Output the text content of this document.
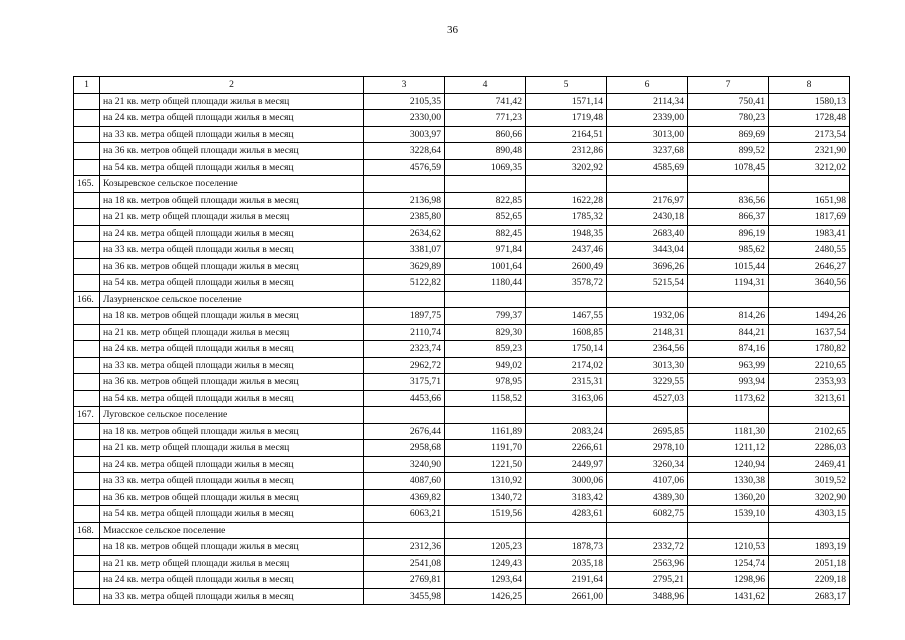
36
1	2	3	4	5	6	7	8
	на 21 кв. метр общей площади жилья в месяц	2105,35	741,42	1571,14	2114,34	750,41	1580,13
	на 24 кв. метра общей площади жилья в месяц	2330,00	771,23	1719,48	2339,00	780,23	1728,48
	на 33 кв. метра общей площади жилья в месяц	3003,97	860,66	2164,51	3013,00	869,69	2173,54
	на 36 кв. метров общей площади жилья в месяц	3228,64	890,48	2312,86	3237,68	899,52	2321,90
	на 54 кв. метра общей площади жилья в месяц	4576,59	1069,35	3202,92	4585,69	1078,45	3212,02
165.	Козыревское сельское поселение						
	на 18 кв. метров общей площади жилья в месяц	2136,98	822,85	1622,28	2176,97	836,56	1651,98
	на 21 кв. метр общей площади жилья в месяц	2385,80	852,65	1785,32	2430,18	866,37	1817,69
	на 24 кв. метра общей площади жилья в месяц	2634,62	882,45	1948,35	2683,40	896,19	1983,41
	на 33 кв. метра общей площади жилья в месяц	3381,07	971,84	2437,46	3443,04	985,62	2480,55
	на 36 кв. метров общей площади жилья в месяц	3629,89	1001,64	2600,49	3696,26	1015,44	2646,27
	на 54 кв. метра общей площади жилья в месяц	5122,82	1180,44	3578,72	5215,54	1194,31	3640,56
166.	Лазурненское сельское поселение						
	на 18 кв. метров общей площади жилья в месяц	1897,75	799,37	1467,55	1932,06	814,26	1494,26
	на 21 кв. метр общей площади жилья в месяц	2110,74	829,30	1608,85	2148,31	844,21	1637,54
	на 24 кв. метра общей площади жилья в месяц	2323,74	859,23	1750,14	2364,56	874,16	1780,82
	на 33 кв. метра общей площади жилья в месяц	2962,72	949,02	2174,02	3013,30	963,99	2210,65
	на 36 кв. метров общей площади жилья в месяц	3175,71	978,95	2315,31	3229,55	993,94	2353,93
	на 54 кв. метра общей площади жилья в месяц	4453,66	1158,52	3163,06	4527,03	1173,62	3213,61
167.	Луговское сельское поселение						
	на 18 кв. метров общей площади жилья в месяц	2676,44	1161,89	2083,24	2695,85	1181,30	2102,65
	на 21 кв. метр общей площади жилья в месяц	2958,68	1191,70	2266,61	2978,10	1211,12	2286,03
	на 24 кв. метра общей площади жилья в месяц	3240,90	1221,50	2449,97	3260,34	1240,94	2469,41
	на 33 кв. метра общей площади жилья в месяц	4087,60	1310,92	3000,06	4107,06	1330,38	3019,52
	на 36 кв. метров общей площади жилья в месяц	4369,82	1340,72	3183,42	4389,30	1360,20	3202,90
	на 54 кв. метра общей площади жилья в месяц	6063,21	1519,56	4283,61	6082,75	1539,10	4303,15
168.	Миасское сельское поселение						
	на 18 кв. метров общей площади жилья в месяц	2312,36	1205,23	1878,73	2332,72	1210,53	1893,19
	на 21 кв. метр общей площади жилья в месяц	2541,08	1249,43	2035,18	2563,96	1254,74	2051,18
	на 24 кв. метра общей площади жилья в месяц	2769,81	1293,64	2191,64	2795,21	1298,96	2209,18
	на 33 кв. метра общей площади жилья в месяц	3455,98	1426,25	2661,00	3488,96	1431,62	2683,17
